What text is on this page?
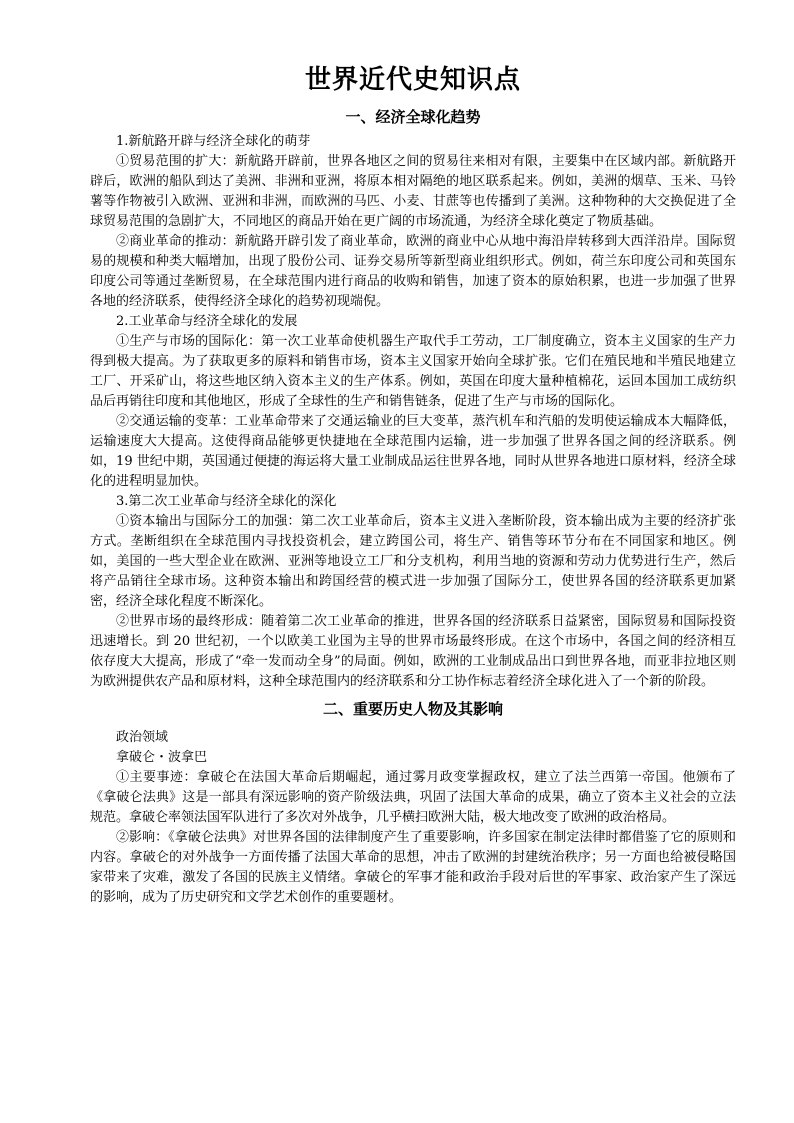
世界近代史知识点
一、经济全球化趋势

1.新航路开辟与经济全球化的萌芽

①贸易范围的扩大：新航路开辟前，世界各地区之间的贸易往来相对有限，主要集中在区域内部。新航路开辟后，欧洲的船队到达了美洲、非洲和亚洲，将原本相对隔绝的地区联系起来。例如，美洲的烟草、玉米、马铃薯等作物被引入欧洲、亚洲和非洲，而欧洲的马匹、小麦、甘蔗等也传播到了美洲。这种物种的大交换促进了全球贸易范围的急剧扩大，不同地区的商品开始在更广阔的市场流通，为经济全球化奠定了物质基础。

②商业革命的推动：新航路开辟引发了商业革命，欧洲的商业中心从地中海沿岸转移到大西洋沿岸。国际贸易的规模和种类大幅增加，出现了股份公司、证券交易所等新型商业组织形式。例如，荷兰东印度公司和英国东印度公司等通过垄断贸易，在全球范围内进行商品的收购和销售，加速了资本的原始积累，也进一步加强了世界各地的经济联系，使得经济全球化的趋势初现端倪。

2.工业革命与经济全球化的发展

①生产与市场的国际化：第一次工业革命使机器生产取代手工劳动，工厂制度确立，资本主义国家的生产力得到极大提高。为了获取更多的原料和销售市场，资本主义国家开始向全球扩张。它们在殖民地和半殖民地建立工厂、开采矿山，将这些地区纳入资本主义的生产体系。例如，英国在印度大量种植棉花，运回本国加工成纺织品后再销往印度和其他地区，形成了全球性的生产和销售链条，促进了生产与市场的国际化。

②交通运输的变革：工业革命带来了交通运输业的巨大变革，蒸汽机车和汽船的发明使运输成本大幅降低，运输速度大大提高。这使得商品能够更快捷地在全球范围内运输，进一步加强了世界各国之间的经济联系。例如，19 世纪中期，英国通过便捷的海运将大量工业制成品运往世界各地，同时从世界各地进口原材料，经济全球化的进程明显加快。

3.第二次工业革命与经济全球化的深化

①资本输出与国际分工的加强：第二次工业革命后，资本主义进入垄断阶段，资本输出成为主要的经济扩张方式。垄断组织在全球范围内寻找投资机会，建立跨国公司，将生产、销售等环节分布在不同国家和地区。例如，美国的一些大型企业在欧洲、亚洲等地设立工厂和分支机构，利用当地的资源和劳动力优势进行生产，然后将产品销往全球市场。这种资本输出和跨国经营的模式进一步加强了国际分工，使世界各国的经济联系更加紧密，经济全球化程度不断深化。

②世界市场的最终形成：随着第二次工业革命的推进，世界各国的经济联系日益紧密，国际贸易和国际投资迅速增长。到 20 世纪初，一个以欧美工业国为主导的世界市场最终形成。在这个市场中，各国之间的经济相互依存度大大提高，形成了“牵一发而动全身”的局面。例如，欧洲的工业制成品出口到世界各地，而亚非拉地区则为欧洲提供农产品和原材料，这种全球范围内的经济联系和分工协作标志着经济全球化进入了一个新的阶段。

二、重要历史人物及其影响

政治领域

拿破仑・波拿巴

①主要事迹：拿破仑在法国大革命后期崛起，通过雾月政变掌握政权，建立了法兰西第一帝国。他颁布了《拿破仑法典》这是一部具有深远影响的资产阶级法典，巩固了法国大革命的成果，确立了资本主义社会的立法规范。拿破仑率领法国军队进行了多次对外战争，几乎横扫欧洲大陆，极大地改变了欧洲的政治格局。

②影响：《拿破仑法典》对世界各国的法律制度产生了重要影响，许多国家在制定法律时都借鉴了它的原则和内容。拿破仑的对外战争一方面传播了法国大革命的思想，冲击了欧洲的封建统治秩序；另一方面也给被侵略国家带来了灾难，激发了各国的民族主义情绪。拿破仑的军事才能和政治手段对后世的军事家、政治家产生了深远的影响，成为了历史研究和文学艺术创作的重要题材。
